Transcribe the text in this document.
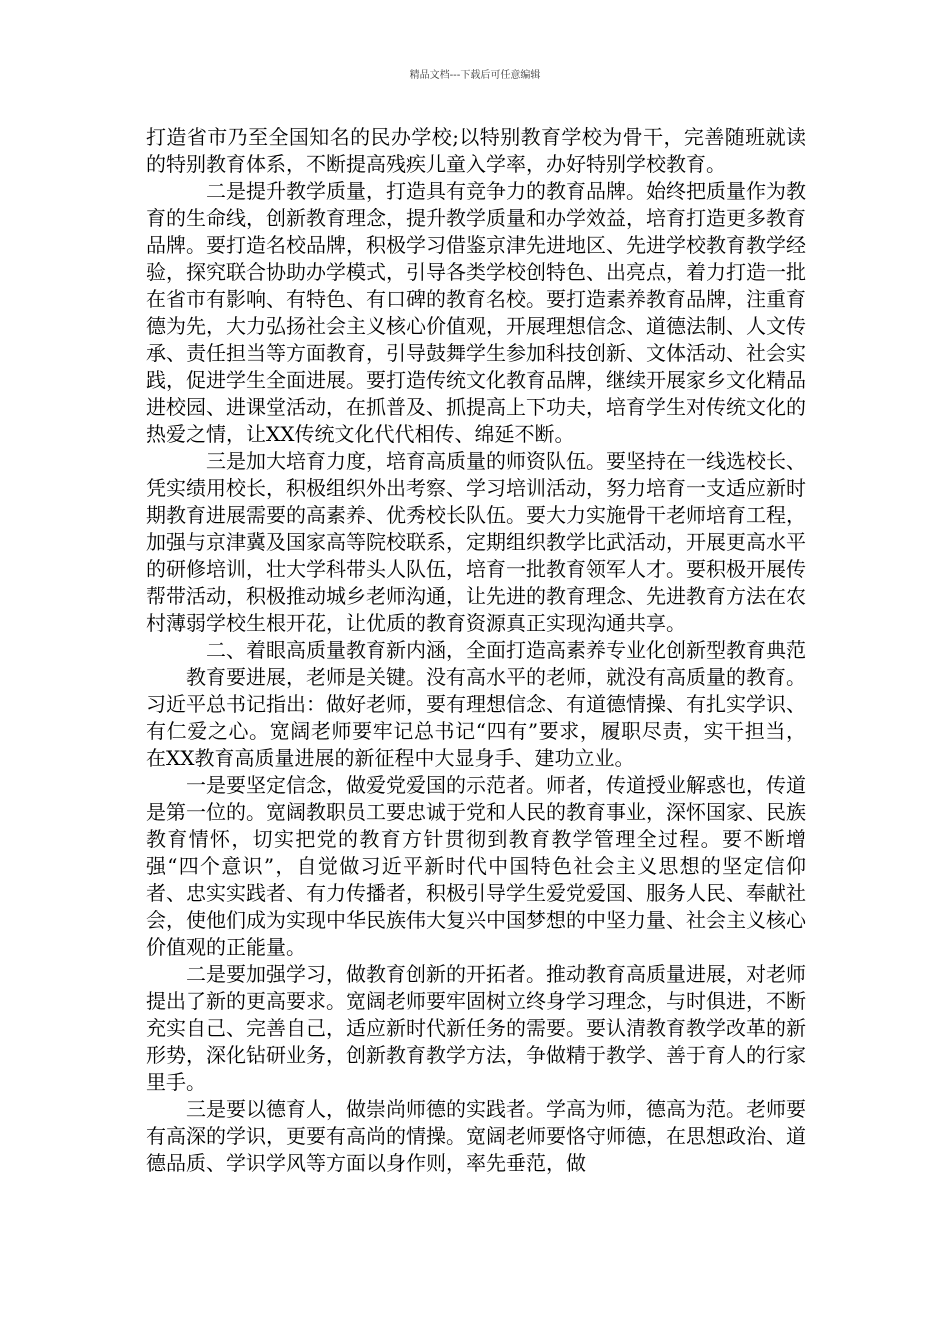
精品文档---下载后可任意编辑

打造省市乃至全国知名的民办学校;以特别教育学校为骨干，完善随班就读的特别教育体系，不断提高残疾儿童入学率，办好特别学校教育。

二是提升教学质量，打造具有竞争力的教育品牌。始终把质量作为教育的生命线，创新教育理念，提升教学质量和办学效益，培育打造更多教育品牌。要打造名校品牌，积极学习借鉴京津先进地区、先进学校教育教学经验，探究联合协助办学模式，引导各类学校创特色、出亮点，着力打造一批在省市有影响、有特色、有口碑的教育名校。要打造素养教育品牌，注重育德为先，大力弘扬社会主义核心价值观，开展理想信念、道德法制、人文传承、责任担当等方面教育，引导鼓舞学生参加科技创新、文体活动、社会实践，促进学生全面进展。要打造传统文化教育品牌，继续开展家乡文化精品进校园、进课堂活动，在抓普及、抓提高上下功夫，培育学生对传统文化的热爱之情，让XX传统文化代代相传、绵延不断。

三是加大培育力度，培育高质量的师资队伍。要坚持在一线选校长、凭实绩用校长，积极组织外出考察、学习培训活动，努力培育一支适应新时期教育进展需要的高素养、优秀校长队伍。要大力实施骨干老师培育工程，加强与京津冀及国家高等院校联系，定期组织教学比武活动，开展更高水平的研修培训，壮大学科带头人队伍，培育一批教育领军人才。要积极开展传帮带活动，积极推动城乡老师沟通，让先进的教育理念、先进教育方法在农村薄弱学校生根开花，让优质的教育资源真正实现沟通共享。

二、着眼高质量教育新内涵，全面打造高素养专业化创新型教育典范

教育要进展，老师是关键。没有高水平的老师，就没有高质量的教育。习近平总书记指出：做好老师，要有理想信念、有道德情操、有扎实学识、有仁爱之心。宽阔老师要牢记总书记“四有”要求，履职尽责，实干担当，在XX教育高质量进展的新征程中大显身手、建功立业。

一是要坚定信念，做爱党爱国的示范者。师者，传道授业解惑也，传道是第一位的。宽阔教职员工要忠诚于党和人民的教育事业，深怀国家、民族教育情怀，切实把党的教育方针贯彻到教育教学管理全过程。要不断增强“四个意识”，自觉做习近平新时代中国特色社会主义思想的坚定信仰者、忠实实践者、有力传播者，积极引导学生爱党爱国、服务人民、奉献社会，使他们成为实现中华民族伟大复兴中国梦想的中坚力量、社会主义核心价值观的正能量。

二是要加强学习，做教育创新的开拓者。推动教育高质量进展，对老师提出了新的更高要求。宽阔老师要牢固树立终身学习理念，与时俱进，不断充实自己、完善自己，适应新时代新任务的需要。要认清教育教学改革的新形势，深化钻研业务，创新教育教学方法，争做精于教学、善于育人的行家里手。

三是要以德育人，做崇尚师德的实践者。学高为师，德高为范。老师要有高深的学识，更要有高尚的情操。宽阔老师要恪守师德，在思想政治、道德品质、学识学风等方面以身作则，率先垂范，做
